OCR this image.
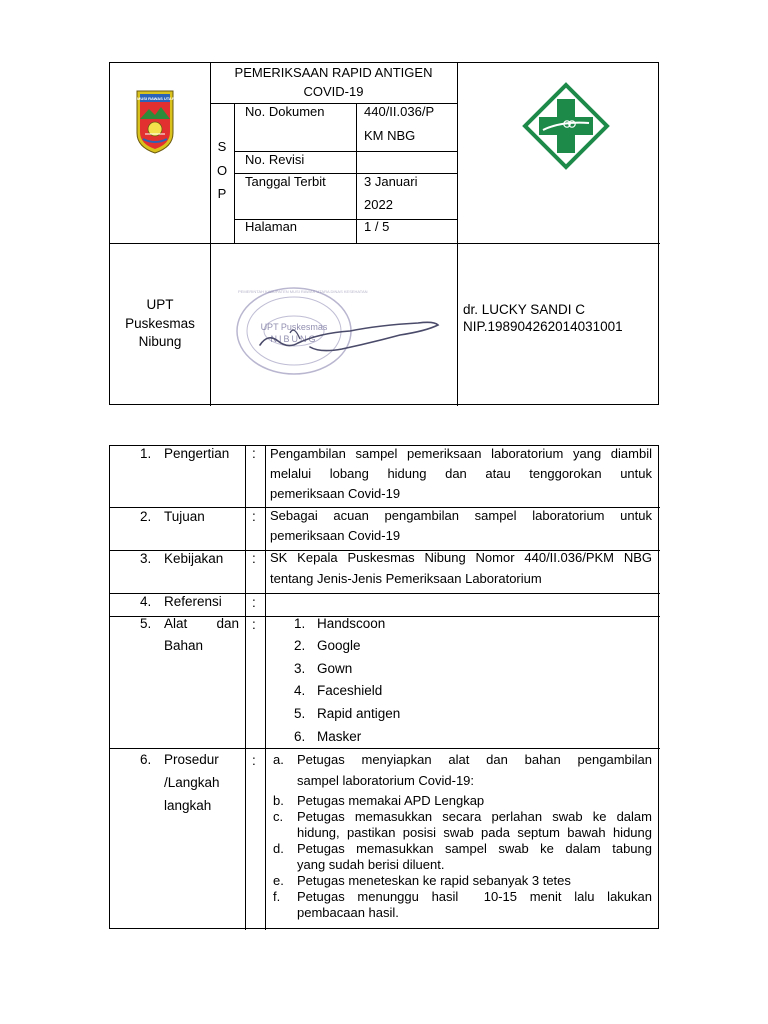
MUSI RAWAS UTARA
PEMERIKSAAN RAPID ANTIGEN
COVID-19
S
O
P
No. Dokumen	440/II.036/P
KM NBG
No. Revisi
Tanggal Terbit	3 Januari
2022
Halaman	1 / 5
UPT
Puskesmas
Nibung
UPT Puskesmas
NIBUNG
PEMERINTAH KABUPATEN MUSI RAWAS UTARA DINAS KESEHATAN
dr. LUCKY SANDI C
NIP.198904262014031001
1. Pengertian : Pengambilan sampel pemeriksaan laboratorium yang diambil
melalui lobang hidung dan atau tenggorokan untuk
pemeriksaan Covid-19
2. Tujuan	: Sebagai acuan pengambilan sampel laboratorium untuk
pemeriksaan Covid-19
3. Kebijakan : SK Kepala Puskesmas Nibung Nomor 440/II.036/PKM NBG
tentang Jenis-Jenis Pemeriksaan Laboratorium
4. Referensi :
5. Alat dan
Bahan
:	1. Handscoon
2. Google
3. Gown
4. Faceshield
5. Rapid antigen
6. Masker
6. Prosedur
/Langkah
langkah
: a. Petugas menyiapkan alat dan bahan pengambilan
sampel laboratorium Covid-19:
b. Petugas memakai APD Lengkap
c. Petugas memasukkan secara perlahan swab ke dalam
hidung, pastikan posisi swab pada septum bawah hidung
d. Petugas memasukkan sampel swab ke dalam tabung
yang sudah berisi diluent.
e. Petugas meneteskan ke rapid sebanyak 3 tetes
f. Petugas menunggu hasil  10-15 menit lalu lakukan
pembacaan hasil.
